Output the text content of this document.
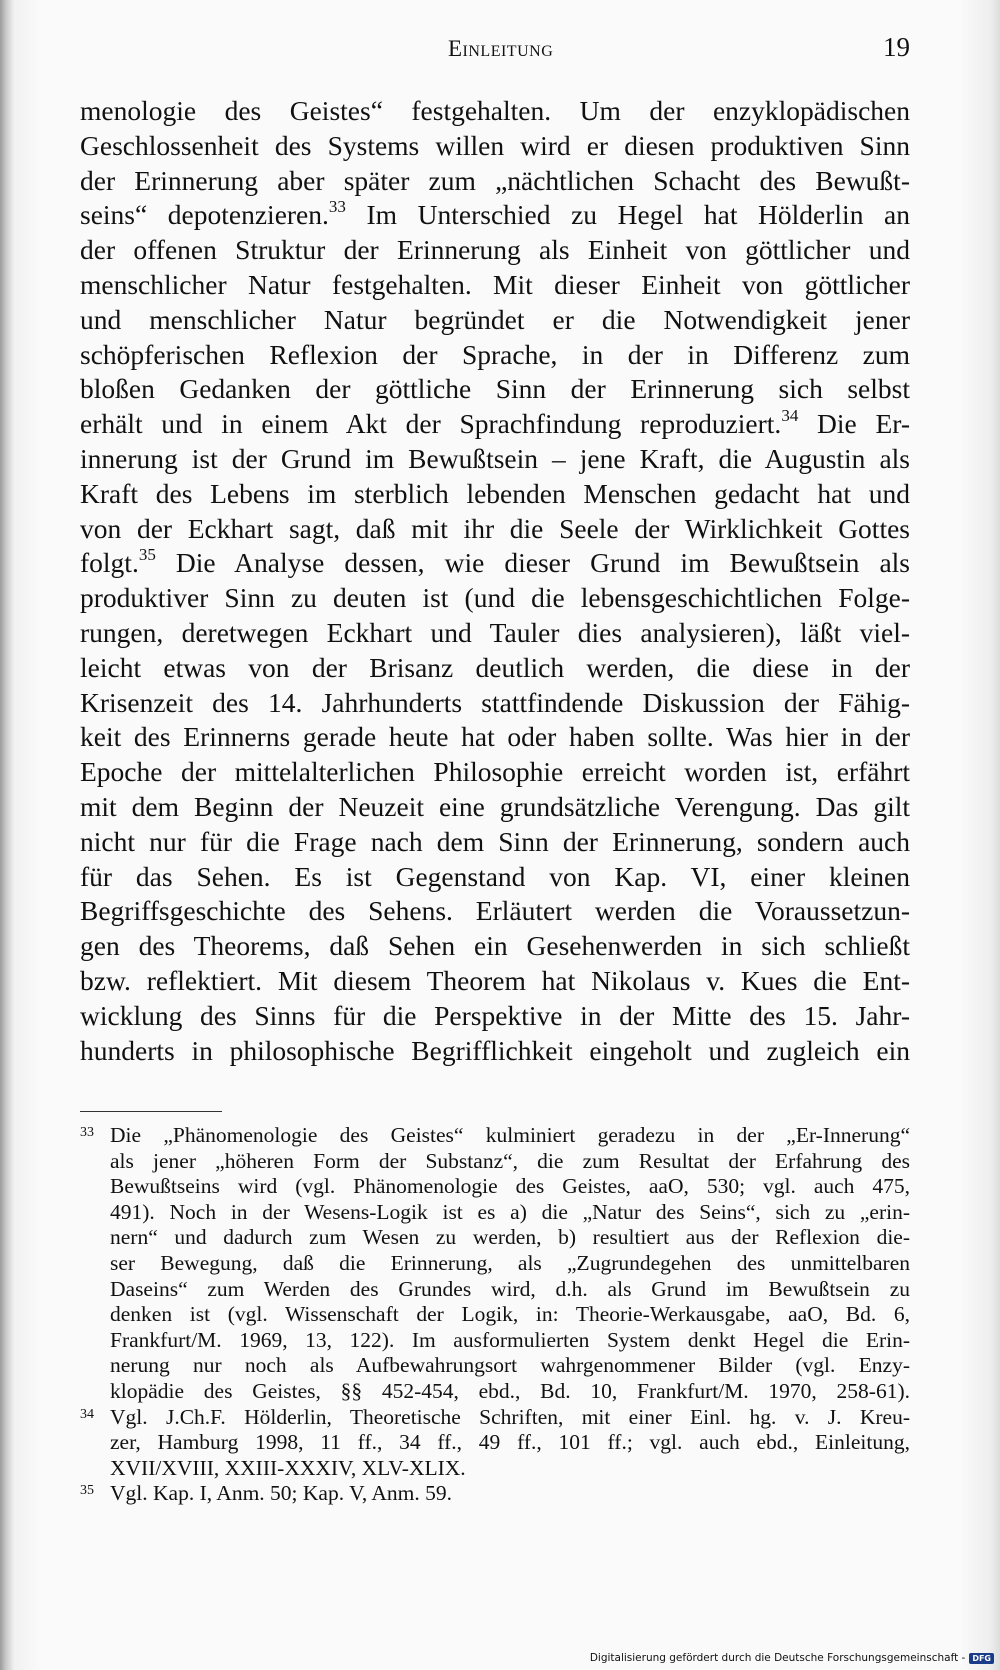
Einleitung	19
menologie des Geistes“ festgehalten. Um der enzyklopädischen
Geschlossenheit des Systems willen wird er diesen produktiven Sinn
der Erinnerung aber später zum „nächtlichen Schacht des Bewußt-
seins“ depotenzieren.$^{33}$ Im Unterschied zu Hegel hat Hölderlin an
der offenen Struktur der Erinnerung als Einheit von göttlicher und
menschlicher Natur festgehalten. Mit dieser Einheit von göttlicher
und menschlicher Natur begründet er die Notwendigkeit jener
schöpferischen Reflexion der Sprache, in der in Differenz zum
bloßen Gedanken der göttliche Sinn der Erinnerung sich selbst
erhält und in einem Akt der Sprachfindung reproduziert.$^{34}$ Die Er-
innerung ist der Grund im Bewußtsein – jene Kraft, die Augustin als
Kraft des Lebens im sterblich lebenden Menschen gedacht hat und
von der Eckhart sagt, daß mit ihr die Seele der Wirklichkeit Gottes
folgt.$^{35}$ Die Analyse dessen, wie dieser Grund im Bewußtsein als
produktiver Sinn zu deuten ist (und die lebensgeschichtlichen Folge-
rungen, deretwegen Eckhart und Tauler dies analysieren), läßt viel-
leicht etwas von der Brisanz deutlich werden, die diese in der
Krisenzeit des 14. Jahrhunderts stattfindende Diskussion der Fähig-
keit des Erinnerns gerade heute hat oder haben sollte. Was hier in der
Epoche der mittelalterlichen Philosophie erreicht worden ist, erfährt
mit dem Beginn der Neuzeit eine grundsätzliche Verengung. Das gilt
nicht nur für die Frage nach dem Sinn der Erinnerung, sondern auch
für das Sehen. Es ist Gegenstand von Kap. VI, einer kleinen
Begriffsgeschichte des Sehens. Erläutert werden die Voraussetzun-
gen des Theorems, daß Sehen ein Gesehenwerden in sich schließt
bzw. reflektiert. Mit diesem Theorem hat Nikolaus v. Kues die Ent-
wicklung des Sinns für die Perspektive in der Mitte des 15. Jahr-
hunderts in philosophische Begrifflichkeit eingeholt und zugleich ein
33 Die „Phänomenologie des Geistes“ kulminiert geradezu in der „Er-Innerung“
als jener „höheren Form der Substanz“, die zum Resultat der Erfahrung des
Bewußtseins wird (vgl. Phänomenologie des Geistes, aaO, 530; vgl. auch 475,
491). Noch in der Wesens-Logik ist es a) die „Natur des Seins“, sich zu „erin-
nern“ und dadurch zum Wesen zu werden, b) resultiert aus der Reflexion die-
ser Bewegung, daß die Erinnerung, als „Zugrundegehen des unmittelbaren
Daseins“ zum Werden des Grundes wird, d.h. als Grund im Bewußtsein zu
denken ist (vgl. Wissenschaft der Logik, in: Theorie-Werkausgabe, aaO, Bd. 6,
Frankfurt/M. 1969, 13, 122). Im ausformulierten System denkt Hegel die Erin-
nerung nur noch als Aufbewahrungsort wahrgenommener Bilder (vgl. Enzy-
klopädie des Geistes, §§ 452-454, ebd., Bd. 10, Frankfurt/M. 1970, 258-61).
34 Vgl. J.Ch.F. Hölderlin, Theoretische Schriften, mit einer Einl. hg. v. J. Kreu-
zer, Hamburg 1998, 11 ff., 34 ff., 49 ff., 101 ff.; vgl. auch ebd., Einleitung,
XVII/XVIII, XXIII-XXXIV, XLV-XLIX.
35 Vgl. Kap. I, Anm. 50; Kap. V, Anm. 59.
Digitalisierung gefördert durch die Deutsche Forschungsgemeinschaft - DFG
